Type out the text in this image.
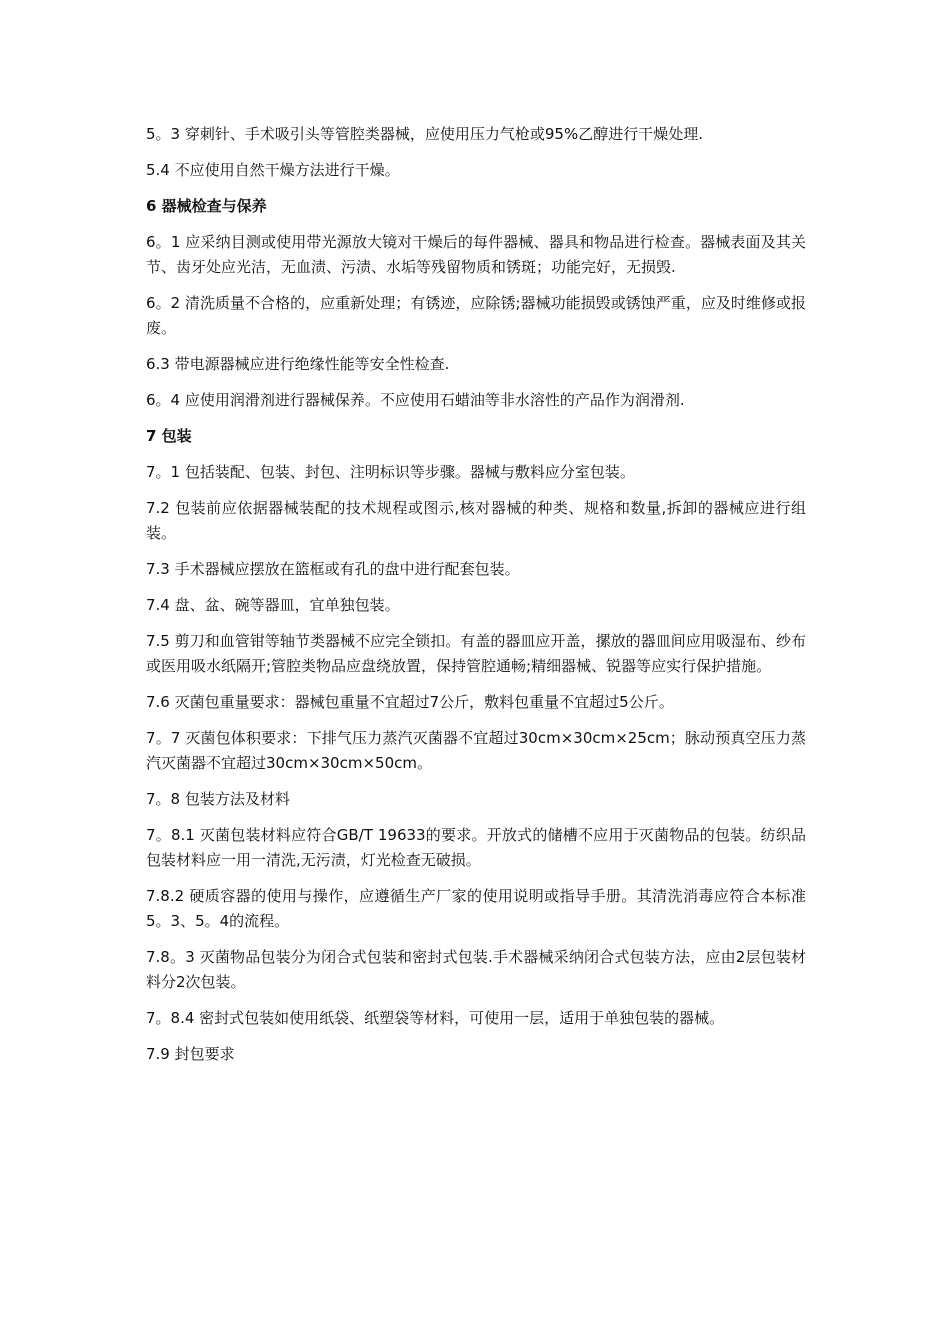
5。3 穿刺针、手术吸引头等管腔类器械，应使用压力气枪或95%乙醇进行干燥处理.

5.4 不应使用自然干燥方法进行干燥。

6 器械检查与保养

6。1 应采纳目测或使用带光源放大镜对干燥后的每件器械、器具和物品进行检查。器械表面及其关节、齿牙处应光洁，无血渍、污渍、水垢等残留物质和锈斑；功能完好，无损毁.

6。2 清洗质量不合格的，应重新处理；有锈迹，应除锈;器械功能损毁或锈蚀严重，应及时维修或报废。

6.3 带电源器械应进行绝缘性能等安全性检查.

6。4 应使用润滑剂进行器械保养。不应使用石蜡油等非水溶性的产品作为润滑剂.

7 包装

7。1 包括装配、包装、封包、注明标识等步骤。器械与敷料应分室包装。

7.2 包装前应依据器械装配的技术规程或图示,核对器械的种类、规格和数量,拆卸的器械应进行组装。

7.3 手术器械应摆放在篮框或有孔的盘中进行配套包装。

7.4 盘、盆、碗等器皿，宜单独包装。

7.5 剪刀和血管钳等轴节类器械不应完全锁扣。有盖的器皿应开盖，摞放的器皿间应用吸湿布、纱布或医用吸水纸隔开;管腔类物品应盘绕放置，保持管腔通畅;精细器械、锐器等应实行保护措施。

7.6 灭菌包重量要求：器械包重量不宜超过7公斤，敷料包重量不宜超过5公斤。

7。7 灭菌包体积要求：下排气压力蒸汽灭菌器不宜超过30cm×30cm×25cm；脉动预真空压力蒸汽灭菌器不宜超过30cm×30cm×50cm。

7。8 包装方法及材料

7。8.1 灭菌包装材料应符合GB/T 19633的要求。开放式的储槽不应用于灭菌物品的包装。纺织品包装材料应一用一清洗,无污渍，灯光检查无破损。

7.8.2 硬质容器的使用与操作，应遵循生产厂家的使用说明或指导手册。其清洗消毒应符合本标准5。3、5。4的流程。

7.8。3 灭菌物品包装分为闭合式包装和密封式包装.手术器械采纳闭合式包装方法，应由2层包装材料分2次包装。

7。8.4 密封式包装如使用纸袋、纸塑袋等材料，可使用一层，适用于单独包装的器械。

7.9 封包要求
